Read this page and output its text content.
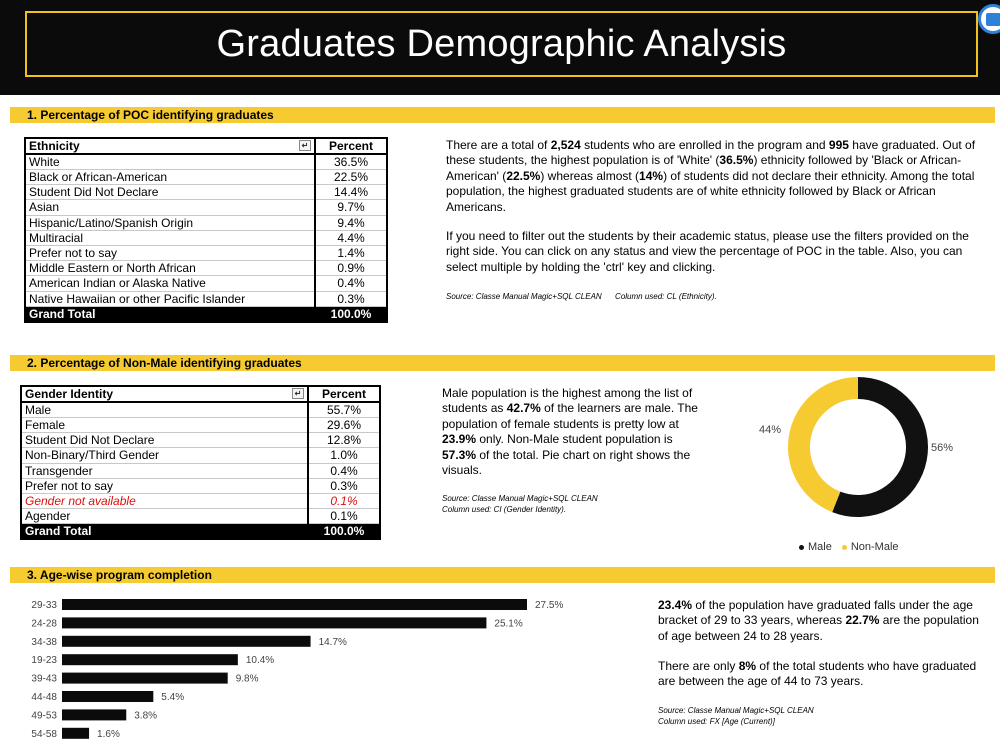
Graduates Demographic Analysis
1. Percentage of POC identifying graduates
Ethnicity ↵	Percent
White	36.5%
Black or African-American	22.5%
Student Did Not Declare	14.4%
Asian	9.7%
Hispanic/Latino/Spanish Origin	9.4%
Multiracial	4.4%
Prefer not to say	1.4%
Middle Eastern or North African	0.9%
American Indian or Alaska Native	0.4%
Native Hawaiian or other Pacific Islander	0.3%
Grand Total	100.0%
There are a total of 2,524 students who are enrolled in the program and 995 have graduated. Out of these students, the highest population is of 'White' (36.5%) ethnicity followed by 'Black or African-American' (22.5%) whereas almost (14%) of students did not declare their ethnicity. Among the total population, the highest graduated students are of white ethnicity followed by Black or African Americans.
If you need to filter out the students by their academic status, please use the filters provided on the right side. You can click on any status and view the percentage of POC in the table. Also, you can select multiple by holding the 'ctrl' key and clicking.
Source: Classe Manual Magic+SQL CLEAN Column used: CL (Ethnicity).
2. Percentage of Non-Male identifying graduates
Gender Identity ↵	Percent
Male	55.7%
Female	29.6%
Student Did Not Declare	12.8%
Non-Binary/Third Gender	1.0%
Transgender	0.4%
Prefer not to say	0.3%
Gender not available	0.1%
Agender	0.1%
Grand Total	100.0%
Male population is the highest among the list of students as 42.7% of the learners are male. The population of female students is pretty low at 23.9% only. Non-Male student population is 57.3% of the total. Pie chart on right shows the visuals.
Source: Classe Manual Magic+SQL CLEAN
Column used: CI (Gender Identity).
56%
44%
Male Non-Male
3. Age-wise program completion
29-33	27.5%
24-28	25.1%
34-38	14.7%
19-23	10.4%
39-43	9.8%
44-48	5.4%
49-53	3.8%
54-58	1.6%
23.4% of the population have graduated falls under the age bracket of 29 to 33 years, whereas 22.7% are the population of age between 24 to 28 years.
There are only 8% of the total students who have graduated are between the age of 44 to 73 years.
Source: Classe Manual Magic+SQL CLEAN
Column used: FX [Age (Current)]
